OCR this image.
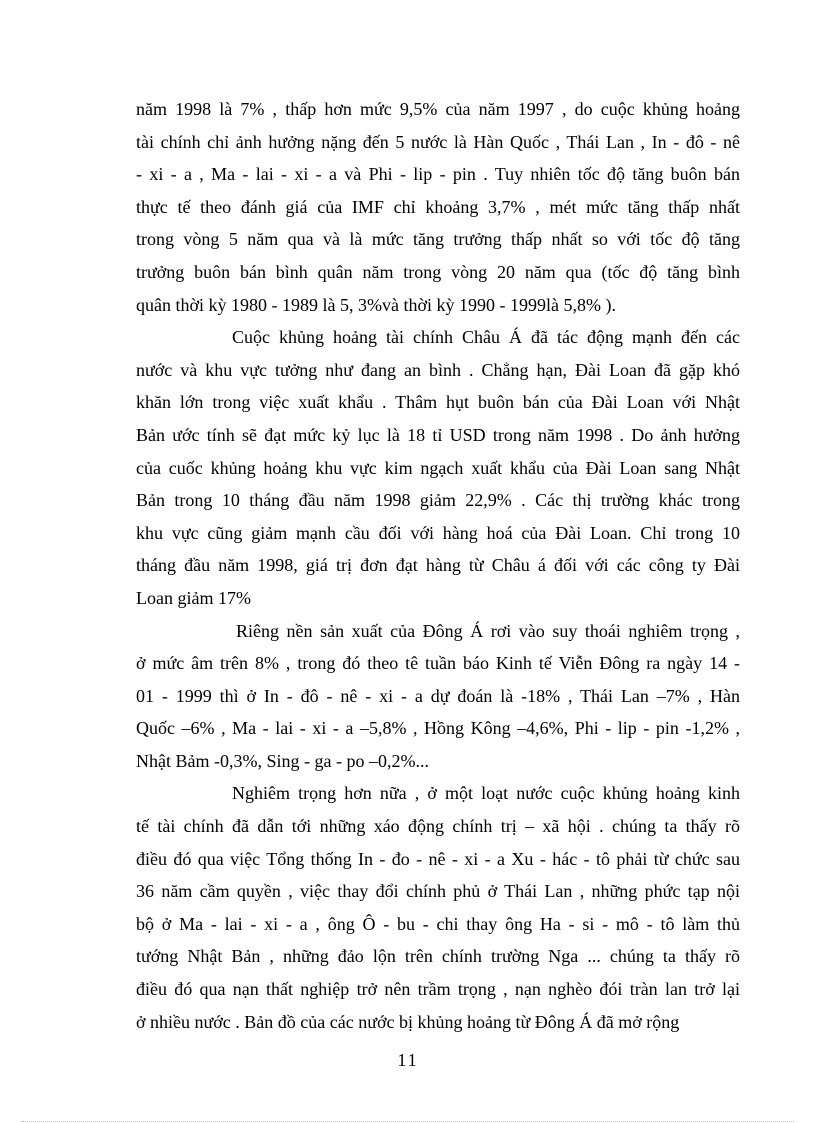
năm 1998 là 7% , thấp hơn mức 9,5% của năm 1997 , do cuộc khủng hoảng
tài chính chỉ ảnh hưởng nặng đến 5 nước là Hàn Quốc , Thái Lan , In - đô - nê
- xi - a , Ma - lai - xi - a và Phi - lip - pin . Tuy nhiên tốc độ tăng buôn bán
thực tế theo đánh giá của IMF chỉ khoảng 3,7% , mét mức tăng thấp nhất
trong vòng 5 năm qua và là mức tăng trưởng thấp nhất so với tốc độ tăng
trưởng buôn bán bình quân năm trong vòng 20 năm qua (tốc độ tăng bình
quân thời kỳ 1980 - 1989 là 5, 3%và thời kỳ 1990 - 1999là 5,8% ).
Cuộc khủng hoảng tài chính Châu Á đã tác động mạnh đến các
nước và khu vực tưởng như đang an bình . Chẳng hạn, Đài Loan đã gặp khó
khăn lớn trong việc xuất khẩu . Thâm hụt buôn bán của Đài Loan với Nhật
Bản ước tính sẽ đạt mức kỷ lục là 18 tỉ USD trong năm 1998 . Do ảnh hưởng
của cuốc khủng hoảng khu vực kim ngạch xuất khẩu của Đài Loan sang Nhật
Bản trong 10 tháng đầu năm 1998 giảm 22,9% . Các thị trường khác trong
khu vực cũng giảm mạnh cầu đối với hàng hoá của Đài Loan. Chỉ trong 10
tháng đầu năm 1998, giá trị đơn đạt hàng từ Châu á đối với các công ty Đài
Loan giảm 17%
Riêng nền sản xuất của Đông Á rơi vào suy thoái nghiêm trọng ,
ở mức âm trên 8% , trong đó theo tê tuần báo Kinh tế Viễn Đông ra ngày 14 -
01 - 1999 thì ở In - đô - nê - xi - a dự đoán là -18% , Thái Lan –7% , Hàn
Quốc –6% , Ma - lai - xi - a –5,8% , Hồng Kông –4,6%, Phi - lip - pin -1,2% ,
Nhật Bảm -0,3%, Sing - ga - po –0,2%...
Nghiêm trọng hơn nữa , ở một loạt nước cuộc khủng hoảng kinh
tế tài chính đã dẫn tới những xáo động chính trị – xã hội . chúng ta thấy rõ
điều đó qua việc Tổng thống In - đo - nê - xi - a Xu - hác - tô phải từ chức sau
36 năm cầm quyền , việc thay đổi chính phủ ở Thái Lan , những phức tạp nội
bộ ở Ma - lai - xi - a , ông Ô - bu - chi thay ông Ha - si - mô - tô làm thủ
tướng Nhật Bản , những đảo lộn trên chính trường Nga ... chúng ta thấy rõ
điều đó qua nạn thất nghiệp trở nên trầm trọng , nạn nghèo đói tràn lan trở lại
ở nhiều nước . Bản đồ của các nước bị khủng hoảng từ Đông Á đã mở rộng
11
